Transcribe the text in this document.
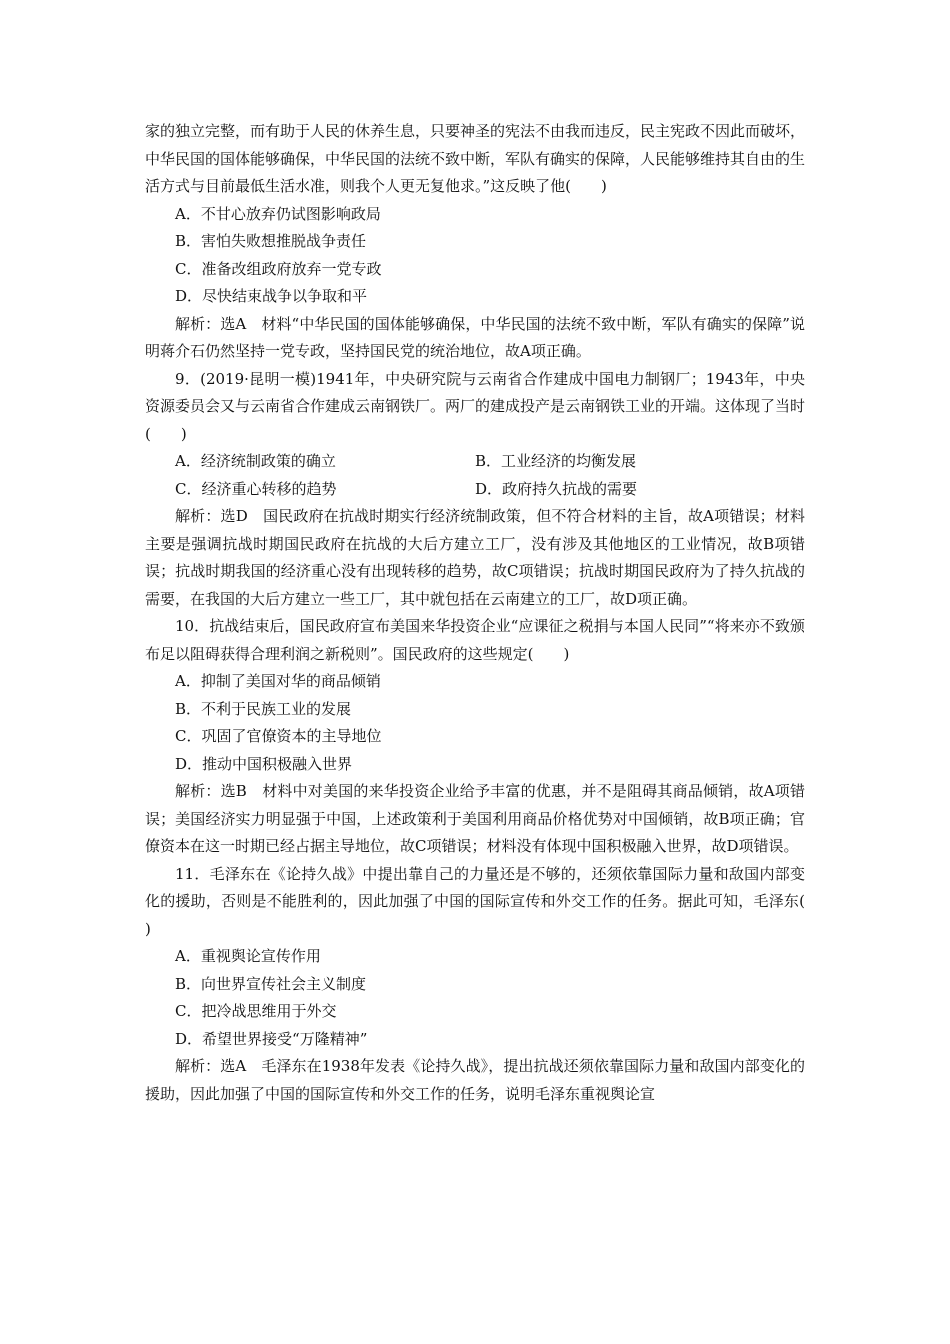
家的独立完整，而有助于人民的休养生息，只要神圣的宪法不由我而违反，民主宪政不因此而破坏，中华民国的国体能够确保，中华民国的法统不致中断，军队有确实的保障，人民能够维持其自由的生活方式与目前最低生活水准，则我个人更无复他求。”这反映了他(　　)

A．不甘心放弃仍试图影响政局

B．害怕失败想推脱战争责任

C．准备改组政府放弃一党专政

D．尽快结束战争以争取和平

解析：选A　材料“中华民国的国体能够确保，中华民国的法统不致中断，军队有确实的保障”说明蒋介石仍然坚持一党专政，坚持国民党的统治地位，故A项正确。

9．(2019·昆明一模)1941年，中央研究院与云南省合作建成中国电力制钢厂；1943年，中央资源委员会又与云南省合作建成云南钢铁厂。两厂的建成投产是云南钢铁工业的开端。这体现了当时(　　)

A．经济统制政策的确立	B．工业经济的均衡发展
C．经济重心转移的趋势	D．政府持久抗战的需要

解析：选D　国民政府在抗战时期实行经济统制政策，但不符合材料的主旨，故A项错误；材料主要是强调抗战时期国民政府在抗战的大后方建立工厂，没有涉及其他地区的工业情况，故B项错误；抗战时期我国的经济重心没有出现转移的趋势，故C项错误；抗战时期国民政府为了持久抗战的需要，在我国的大后方建立一些工厂，其中就包括在云南建立的工厂，故D项正确。

10．抗战结束后，国民政府宣布美国来华投资企业“应课征之税捐与本国人民同”“将来亦不致颁布足以阻碍获得合理利润之新税则”。国民政府的这些规定(　　)

A．抑制了美国对华的商品倾销

B．不利于民族工业的发展

C．巩固了官僚资本的主导地位

D．推动中国积极融入世界

解析：选B　材料中对美国的来华投资企业给予丰富的优惠，并不是阻碍其商品倾销，故A项错误；美国经济实力明显强于中国，上述政策利于美国利用商品价格优势对中国倾销，故B项正确；官僚资本在这一时期已经占据主导地位，故C项错误；材料没有体现中国积极融入世界，故D项错误。

11．毛泽东在《论持久战》中提出靠自己的力量还是不够的，还须依靠国际力量和敌国内部变化的援助，否则是不能胜利的，因此加强了中国的国际宣传和外交工作的任务。据此可知，毛泽东(　　)

A．重视舆论宣传作用

B．向世界宣传社会主义制度

C．把冷战思维用于外交

D．希望世界接受“万隆精神”

解析：选A　毛泽东在1938年发表《论持久战》，提出抗战还须依靠国际力量和敌国内部变化的援助，因此加强了中国的国际宣传和外交工作的任务，说明毛泽东重视舆论宣
